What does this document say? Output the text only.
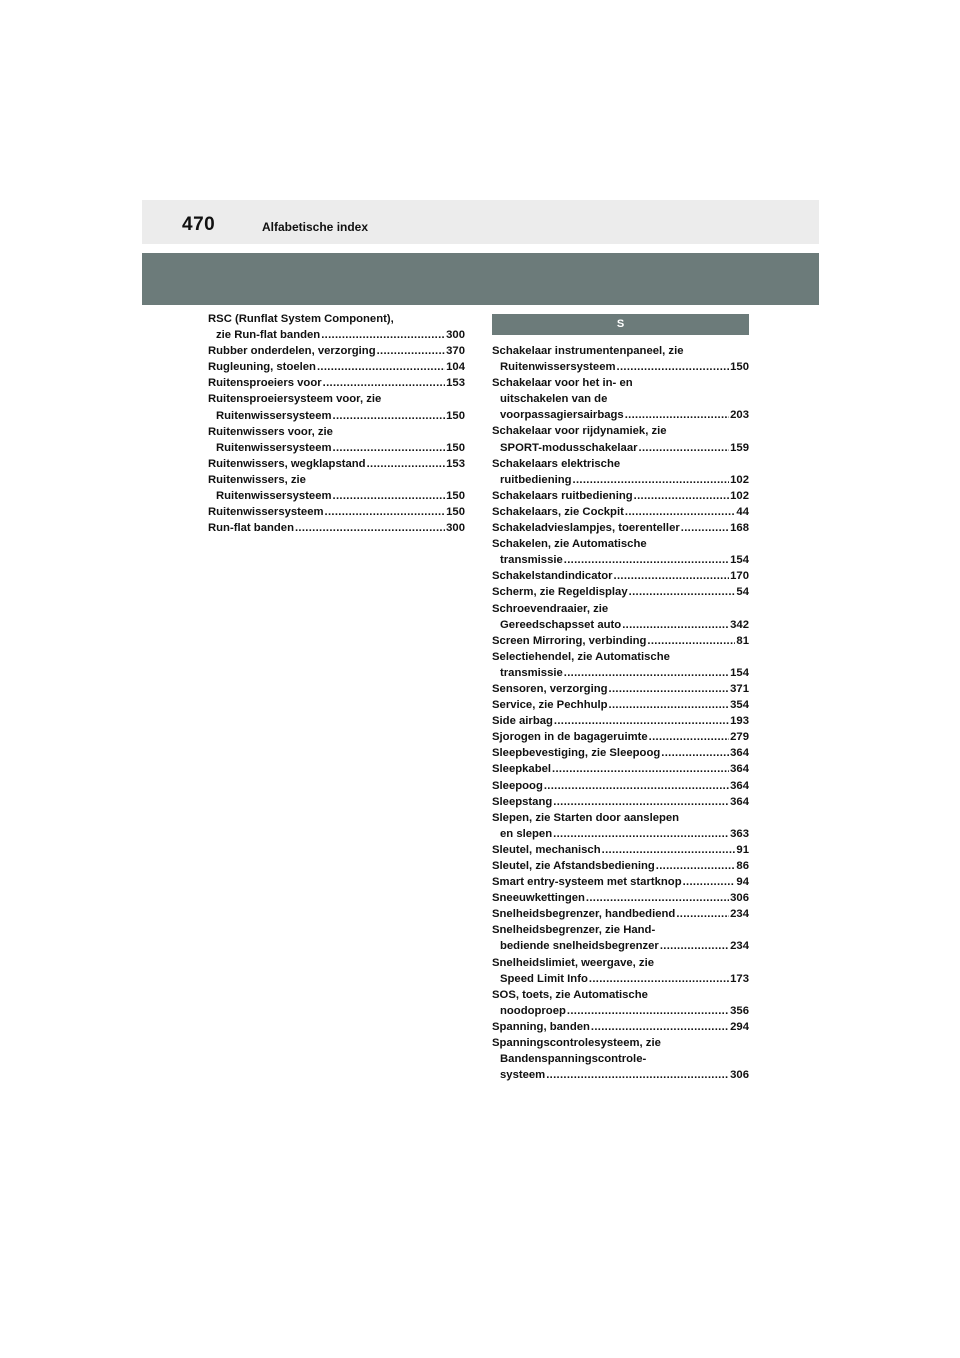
470	Alfabetische index
RSC (Runflat System Component),
zie Run-flat banden .....	300
Rubber onderdelen, verzorging .....	370
Rugleuning, stoelen .....	104
Ruitensproeiers voor .....	153
Ruitensproeiersysteem voor, zie
Ruitenwissersysteem .....	150
Ruitenwissers voor, zie
Ruitenwissersysteem .....	150
Ruitenwissers, wegklapstand .....	153
Ruitenwissers, zie
Ruitenwissersysteem .....	150
Ruitenwissersysteem .....	150
Run-flat banden .....	300
S
Schakelaar instrumentenpaneel, zie
Ruitenwissersysteem .....	150
Schakelaar voor het in- en
uitschakelen van de
voorpassagiersairbags .....	203
Schakelaar voor rijdynamiek, zie
SPORT-modusschakelaar .....	159
Schakelaars elektrische
ruitbediening .....	102
Schakelaars ruitbediening .....	102
Schakelaars, zie Cockpit .....	44
Schakeladvieslampjes, toerenteller .....	168
Schakelen, zie Automatische
transmissie .....	154
Schakelstandindicator .....	170
Scherm, zie Regeldisplay .....	54
Schroevendraaier, zie
Gereedschapsset auto .....	342
Screen Mirroring, verbinding .....	81
Selectiehendel, zie Automatische
transmissie .....	154
Sensoren, verzorging .....	371
Service, zie Pechhulp .....	354
Side airbag .....	193
Sjorogen in de bagageruimte .....	279
Sleepbevestiging, zie Sleepoog .....	364
Sleepkabel .....	364
Sleepoog .....	364
Sleepstang .....	364
Slepen, zie Starten door aanslepen
en slepen .....	363
Sleutel, mechanisch .....	91
Sleutel, zie Afstandsbediening .....	86
Smart entry-systeem met startknop .....	94
Sneeuwkettingen .....	306
Snelheidsbegrenzer, handbediend .....	234
Snelheidsbegrenzer, zie Hand-
bediende snelheidsbegrenzer .....	234
Snelheidslimiet, weergave, zie
Speed Limit Info .....	173
SOS, toets, zie Automatische
noodoproep .....	356
Spanning, banden .....	294
Spanningscontrolesysteem, zie
Bandenspanningscontrole-
systeem .....	306
